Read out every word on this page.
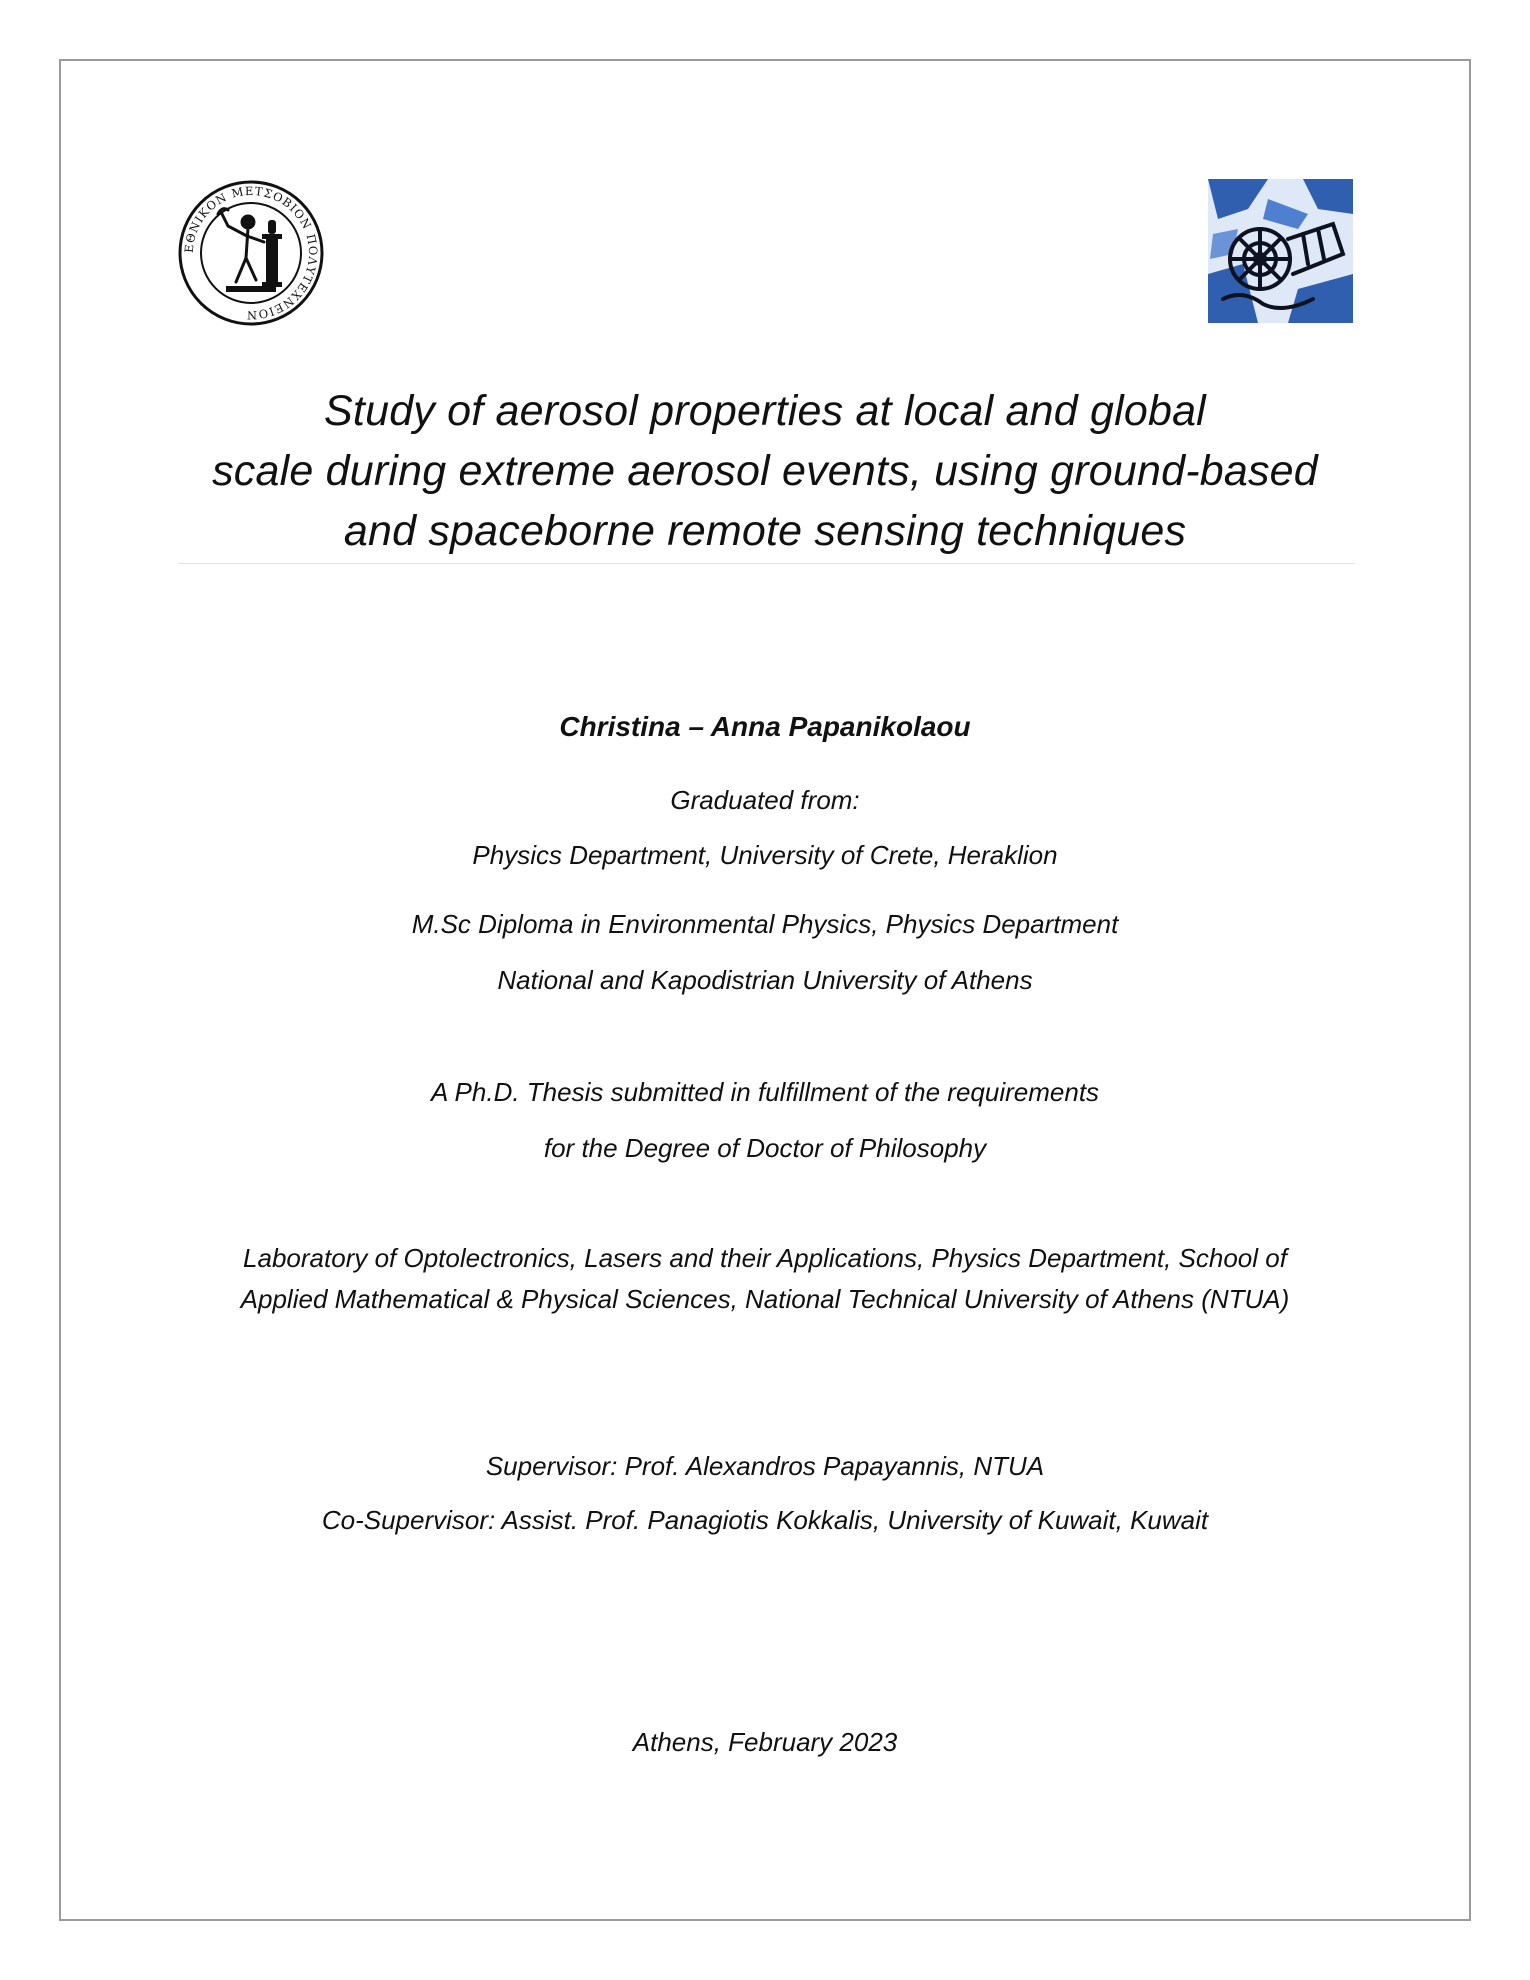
ΕΘΝΙΚΟΝ ΜΕΤΣΟΒΙΟΝ ΠΟΛΥΤΕΧΝΕΙΟΝ
Study of aerosol properties at local and global
scale during extreme aerosol events, using ground-based
and spaceborne remote sensing techniques
Christina – Anna Papanikolaou
Graduated from:
Physics Department, University of Crete, Heraklion
M.Sc Diploma in Environmental Physics, Physics Department
National and Kapodistrian University of Athens
A Ph.D. Thesis submitted in fulfillment of the requirements
for the Degree of Doctor of Philosophy
Laboratory of Optolectronics, Lasers and their Applications, Physics Department, School of
Applied Mathematical & Physical Sciences, National Technical University of Athens (NTUA)
Supervisor: Prof. Alexandros Papayannis, NTUA
Co-Supervisor: Assist. Prof. Panagiotis Kokkalis, University of Kuwait, Kuwait
Athens, February 2023
